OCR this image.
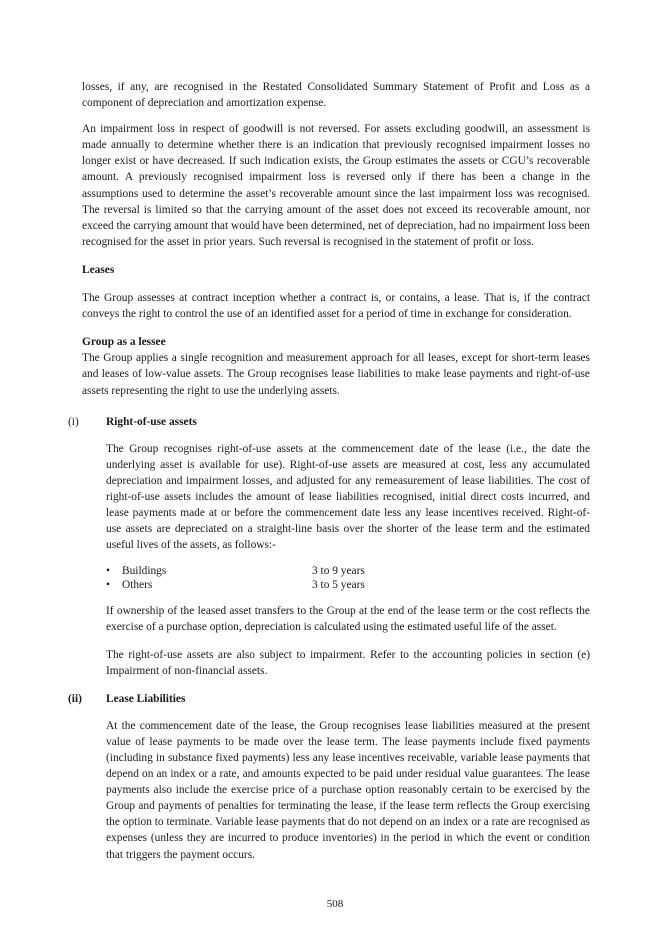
losses, if any, are recognised in the Restated Consolidated Summary Statement of Profit and Loss as a component of depreciation and amortization expense.

An impairment loss in respect of goodwill is not reversed. For assets excluding goodwill, an assessment is made annually to determine whether there is an indication that previously recognised impairment losses no longer exist or have decreased. If such indication exists, the Group estimates the assets or CGU’s recoverable amount. A previously recognised impairment loss is reversed only if there has been a change in the assumptions used to determine the asset’s recoverable amount since the last impairment loss was recognised. The reversal is limited so that the carrying amount of the asset does not exceed its recoverable amount, nor exceed the carrying amount that would have been determined, net of depreciation, had no impairment loss been recognised for the asset in prior years. Such reversal is recognised in the statement of profit or loss.

Leases

The Group assesses at contract inception whether a contract is, or contains, a lease. That is, if the contract conveys the right to control the use of an identified asset for a period of time in exchange for consideration.

Group as a lessee

The Group applies a single recognition and measurement approach for all leases, except for short-term leases and leases of low-value assets. The Group recognises lease liabilities to make lease payments and right-of-use assets representing the right to use the underlying assets.

(i)	Right-of-use assets

The Group recognises right-of-use assets at the commencement date of the lease (i.e., the date the underlying asset is available for use). Right-of-use assets are measured at cost, less any accumulated depreciation and impairment losses, and adjusted for any remeasurement of lease liabilities. The cost of right-of-use assets includes the amount of lease liabilities recognised, initial direct costs incurred, and lease payments made at or before the commencement date less any lease incentives received. Right-of-use assets are depreciated on a straight-line basis over the shorter of the lease term and the estimated useful lives of the assets, as follows:-

•	Buildings	3 to 9 years
•	Others	3 to 5 years

If ownership of the leased asset transfers to the Group at the end of the lease term or the cost reflects the exercise of a purchase option, depreciation is calculated using the estimated useful life of the asset.

The right-of-use assets are also subject to impairment. Refer to the accounting policies in section (e) Impairment of non-financial assets.

(ii)	Lease Liabilities

At the commencement date of the lease, the Group recognises lease liabilities measured at the present value of lease payments to be made over the lease term. The lease payments include fixed payments (including in substance fixed payments) less any lease incentives receivable, variable lease payments that depend on an index or a rate, and amounts expected to be paid under residual value guarantees. The lease payments also include the exercise price of a purchase option reasonably certain to be exercised by the Group and payments of penalties for terminating the lease, if the lease term reflects the Group exercising the option to terminate. Variable lease payments that do not depend on an index or a rate are recognised as expenses (unless they are incurred to produce inventories) in the period in which the event or condition that triggers the payment occurs.

508
